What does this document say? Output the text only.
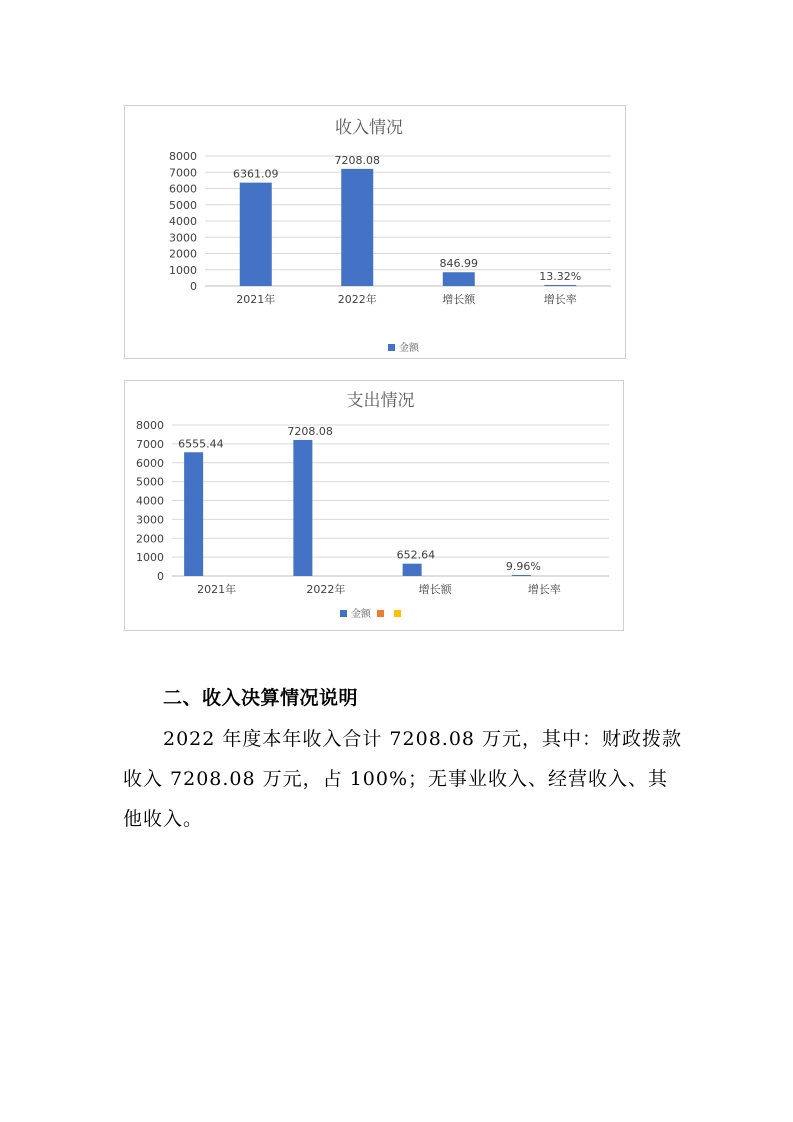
收入情况
0
1000
2000
3000
4000
5000
6000
7000
8000
6361.09
2021年
7208.08
2022年
846.99
增长额
13.32%
增长率
金额
支出情况
0
1000
2000
3000
4000
5000
6000
7000
8000
6555.44
2021年
7208.08
2022年
652.64
增长额
9.96%
增长率
金额
二、收入决算情况说明

2022 年度本年收入合计 7208.08 万元，其中：财政拨款收入 7208.08 万元，占 100%；无事业收入、经营收入、其他收入。
